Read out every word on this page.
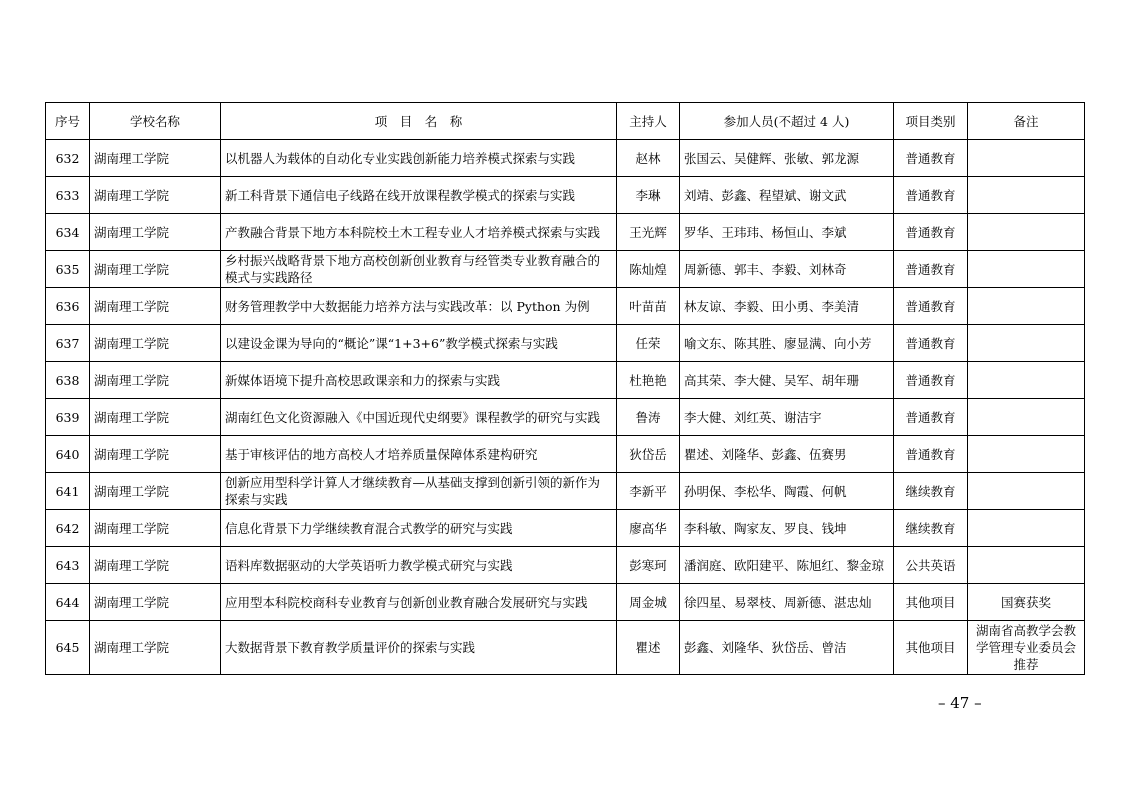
序号	学校名称	项　目　名　称	主持人	参加人员(不超过 4 人)	项目类别	备注
632	湖南理工学院	以机器人为载体的自动化专业实践创新能力培养模式探索与实践	赵林	张国云、吴健辉、张敏、郭龙源	普通教育	
633	湖南理工学院	新工科背景下通信电子线路在线开放课程教学模式的探索与实践	李琳	刘靖、彭鑫、程望斌、谢文武	普通教育	
634	湖南理工学院	产教融合背景下地方本科院校土木工程专业人才培养模式探索与实践	王光辉	罗华、王玮玮、杨恒山、李斌	普通教育	
635	湖南理工学院	乡村振兴战略背景下地方高校创新创业教育与经管类专业教育融合的模式与实践路径	陈灿煌	周新德、郭丰、李毅、刘林奇	普通教育	
636	湖南理工学院	财务管理教学中大数据能力培养方法与实践改革：以 Python 为例	叶苗苗	林友谅、李毅、田小勇、李美清	普通教育	
637	湖南理工学院	以建设金课为导向的“概论”课“1+3+6”教学模式探索与实践	任荣	喻文东、陈其胜、廖显满、向小芳	普通教育	
638	湖南理工学院	新媒体语境下提升高校思政课亲和力的探索与实践	杜艳艳	高其荣、李大健、吴军、胡年珊	普通教育	
639	湖南理工学院	湖南红色文化资源融入《中国近现代史纲要》课程教学的研究与实践	鲁涛	李大健、刘红英、谢洁宇	普通教育	
640	湖南理工学院	基于审核评估的地方高校人才培养质量保障体系建构研究	狄岱岳	瞿述、刘隆华、彭鑫、伍赛男	普通教育	
641	湖南理工学院	创新应用型科学计算人才继续教育—从基础支撑到创新引领的新作为探索与实践	李新平	孙明保、李松华、陶霞、何帆	继续教育	
642	湖南理工学院	信息化背景下力学继续教育混合式教学的研究与实践	廖高华	李科敏、陶家友、罗良、钱坤	继续教育	
643	湖南理工学院	语料库数据驱动的大学英语听力教学模式研究与实践	彭寒珂	潘润庭、欧阳建平、陈旭红、黎金琼	公共英语	
644	湖南理工学院	应用型本科院校商科专业教育与创新创业教育融合发展研究与实践	周金城	徐四星、易翠枝、周新德、湛忠灿	其他项目	国赛获奖
645	湖南理工学院	大数据背景下教育教学质量评价的探索与实践	瞿述	彭鑫、刘隆华、狄岱岳、曾洁	其他项目	湖南省高教学会教学管理专业委员会推荐
– 47 –
